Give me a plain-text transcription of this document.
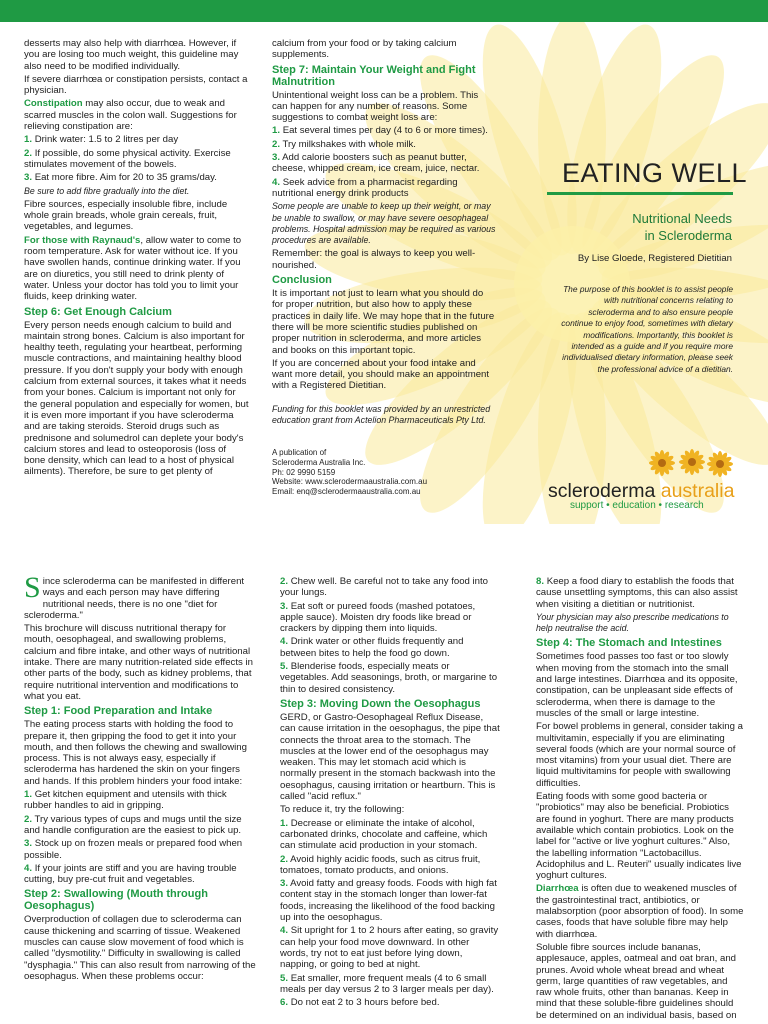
desserts may also help with diarrhœa. However, if you are losing too much weight, this guideline may also need to be modified individually.
If severe diarrhœa or constipation persists, contact a physician.
Constipation may also occur, due to weak and scarred muscles in the colon wall. Suggestions for relieving constipation are:
1. Drink water: 1.5 to 2 litres per day
2. If possible, do some physical activity. Exercise stimulates movement of the bowels.
3. Eat more fibre. Aim for 20 to 35 grams/day.
Be sure to add fibre gradually into the diet.
Fibre sources, especially insoluble fibre, include whole grain breads, whole grain cereals, fruit, vegetables, and legumes.
For those with Raynaud's, allow water to come to room temperature. Ask for water without ice. If you have swollen hands, continue drinking water. If you are on diuretics, you still need to drink plenty of water. Unless your doctor has told you to limit your fluids, keep drinking water.
Step 6: Get Enough Calcium
Every person needs enough calcium to build and maintain strong bones. Calcium is also important for healthy teeth, regulating your heartbeat, performing muscle contractions, and maintaining healthy blood pressure. If you don't supply your body with enough calcium from external sources, it takes what it needs from your bones. Calcium is important not only for the general population and especially for women, but it is even more important if you have scleroderma and are taking steroids. Steroid drugs such as prednisone and solumedrol can deplete your body's calcium stores and lead to osteoporosis (loss of bone density, which can lead to a host of physical ailments). Therefore, be sure to get plenty of
calcium from your food or by taking calcium supplements.
Step 7: Maintain Your Weight and Fight Malnutrition
Unintentional weight loss can be a problem. This can happen for any number of reasons. Some suggestions to combat weight loss are:
1. Eat several times per day (4 to 6 or more times).
2. Try milkshakes with whole milk.
3. Add calorie boosters such as peanut butter, cheese, whipped cream, ice cream, juice, nectar.
4. Seek advice from a pharmacist regarding nutritional energy drink products
Some people are unable to keep up their weight, or may be unable to swallow, or may have severe oesophageal problems. Hospital admission may be required as various procedures are available.
Remember: the goal is always to keep you well-nourished.
Conclusion
It is important not just to learn what you should do for proper nutrition, but also how to apply these practices in daily life. We may hope that in the future there will be more scientific studies published on proper nutrition in scleroderma, and more articles and books on this important topic.
If you are concerned about your food intake and want more detail, you should make an appointment with a Registered Dietitian.
Funding for this booklet was provided by an unrestricted education grant from Actelion Pharmaceuticals Pty Ltd.
A publication of
Scleroderma Australia Inc.
Ph: 02 9990 5159
Website: www.sclerodermaaustralia.com.au
Email: enq@sclerodermaaustralia.com.au
EATING WELL
Nutritional Needs
in Scleroderma
By Lise Gloede, Registered Dietitian
The purpose of this booklet is to assist people with nutritional concerns relating to scleroderma and to also ensure people continue to enjoy food, sometimes with dietary modifications. Importantly, this booklet is intended as a guide and if you require more individualised dietary information, please seek the professional advice of a dietitian.
scleroderma australia
support • education • research

Since scleroderma can be manifested in different ways and each person may have differing nutritional needs, there is no one "diet for scleroderma."

This brochure will discuss nutritional therapy for mouth, oesophageal, and swallowing problems, calcium and fibre intake, and other ways of nutritional intake. There are many nutrition-related side effects in other parts of the body, such as kidney problems, that require nutritional intervention and modifications to what you eat.
Step 1: Food Preparation and Intake
The eating process starts with holding the food to prepare it, then gripping the food to get it into your mouth, and then follows the chewing and swallowing process. This is not always easy, especially if scleroderma has hardened the skin on your fingers and hands. If this problem hinders your food intake:
1. Get kitchen equipment and utensils with thick rubber handles to aid in gripping.
2. Try various types of cups and mugs until the size and handle configuration are the easiest to pick up.
3. Stock up on frozen meals or prepared food when possible.
4. If your joints are stiff and you are having trouble cutting, buy pre-cut fruit and vegetables.
Step 2: Swallowing (Mouth through Oesophagus)
Overproduction of collagen due to scleroderma can cause thickening and scarring of tissue. Weakened muscles can cause slow movement of food which is called "dysmotility." Difficulty in swallowing is called "dysphagia." This can also result from narrowing of the oesophagus. When these problems occur:
2. Chew well. Be careful not to take any food into your lungs.
3. Eat soft or pureed foods (mashed potatoes, apple sauce). Moisten dry foods like bread or crackers by dipping them into liquids.
4. Drink water or other fluids frequently and between bites to help the food go down.
5. Blenderise foods, especially meats or vegetables. Add seasonings, broth, or margarine to thin to desired consistency.
Step 3: Moving Down the Oesophagus
GERD, or Gastro-Oesophageal Reflux Disease, can cause irritation in the oesophagus, the pipe that connects the throat area to the stomach. The muscles at the lower end of the oesophagus may weaken. This may let stomach acid which is normally present in the stomach backwash into the oesophagus, causing irritation or heartburn. This is called "acid reflux."
To reduce it, try the following:
1. Decrease or eliminate the intake of alcohol, carbonated drinks, chocolate and caffeine, which can stimulate acid production in your stomach.
2. Avoid highly acidic foods, such as citrus fruit, tomatoes, tomato products, and onions.
3. Avoid fatty and greasy foods. Foods with high fat content stay in the stomach longer than lower-fat foods, increasing the likelihood of the food backing up into the oesophagus.
4. Sit upright for 1 to 2 hours after eating, so gravity can help your food move downward. In other words, try not to eat just before lying down, napping, or going to bed at night.
5. Eat smaller, more frequent meals (4 to 6 small meals per day versus 2 to 3 larger meals per day).
6. Do not eat 2 to 3 hours before bed.
8. Keep a food diary to establish the foods that cause unsettling symptoms, this can also assist when visiting a dietitian or nutritionist.
Your physician may also prescribe medications to help neutralise the acid.
Step 4: The Stomach and Intestines
Sometimes food passes too fast or too slowly when moving from the stomach into the small and large intestines. Diarrhœa and its opposite, constipation, can be unpleasant side effects of scleroderma, when there is damage to the muscles of the small or large intestine.
For bowel problems in general, consider taking a multivitamin, especially if you are eliminating several foods (which are your normal source of most vitamins) from your usual diet. There are liquid multivitamins for people with swallowing difficulties.
Eating foods with some good bacteria or "probiotics" may also be beneficial. Probiotics are found in yoghurt. There are many products available which contain probiotics. Look on the label for "active or live yoghurt cultures." Also, the labelling information "Lactobacillus. Acidophilus and L. Reuteri" usually indicates live yoghurt cultures.
Diarrhœa is often due to weakened muscles of the gastrointestinal tract, antibiotics, or malabsorption (poor absorption of food). In some cases, foods that have soluble fibre may help with diarrhœa.
Soluble fibre sources include bananas, applesauce, apples, oatmeal and oat bran, and prunes. Avoid whole wheat bread and wheat germ, large quantities of raw vegetables, and raw whole fruits, other than bananas. Keep in mind that these soluble-fibre guidelines should be determined on an individual basis, based on
